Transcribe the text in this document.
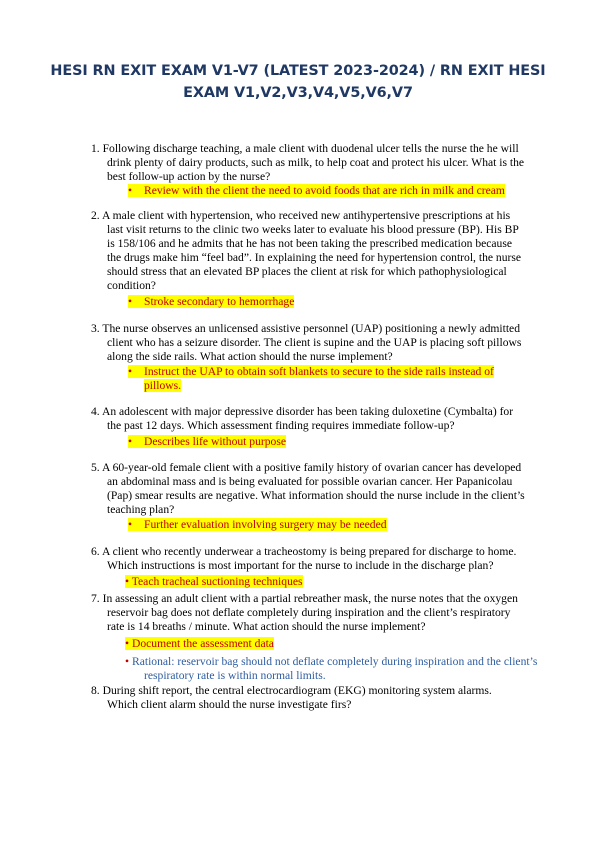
HESI RN EXIT EXAM V1-V7 (LATEST 2023-2024) / RN EXIT HESI
EXAM V1,V2,V3,V4,V5,V6,V7
1. Following discharge teaching, a male client with duodenal ulcer tells the nurse the he will
drink plenty of dairy products, such as milk, to help coat and protect his ulcer. What is the
best follow-up action by the nurse?
• Review with the client the need to avoid foods that are rich in milk and cream
2. A male client with hypertension, who received new antihypertensive prescriptions at his
last visit returns to the clinic two weeks later to evaluate his blood pressure (BP). His BP
is 158/106 and he admits that he has not been taking the prescribed medication because
the drugs make him “feel bad”. In explaining the need for hypertension control, the nurse
should stress that an elevated BP places the client at risk for which pathophysiological
condition?
• Stroke secondary to hemorrhage
3. The nurse observes an unlicensed assistive personnel (UAP) positioning a newly admitted
client who has a seizure disorder. The client is supine and the UAP is placing soft pillows
along the side rails. What action should the nurse implement?
• Instruct the UAP to obtain soft blankets to secure to the side rails instead of
pillows.
4. An adolescent with major depressive disorder has been taking duloxetine (Cymbalta) for
the past 12 days. Which assessment finding requires immediate follow-up?
• Describes life without purpose
5. A 60-year-old female client with a positive family history of ovarian cancer has developed
an abdominal mass and is being evaluated for possible ovarian cancer. Her Papanicolau
(Pap) smear results are negative. What information should the nurse include in the client’s
teaching plan?
• Further evaluation involving surgery may be needed
6. A client who recently underwear a tracheostomy is being prepared for discharge to home.
Which instructions is most important for the nurse to include in the discharge plan?
• Teach tracheal suctioning techniques
7. In assessing an adult client with a partial rebreather mask, the nurse notes that the oxygen
reservoir bag does not deflate completely during inspiration and the client’s respiratory
rate is 14 breaths / minute. What action should the nurse implement?
• Document the assessment data
• Rational: reservoir bag should not deflate completely during inspiration and the client’s
respiratory rate is within normal limits.
8. During shift report, the central electrocardiogram (EKG) monitoring system alarms.
Which client alarm should the nurse investigate firs?
